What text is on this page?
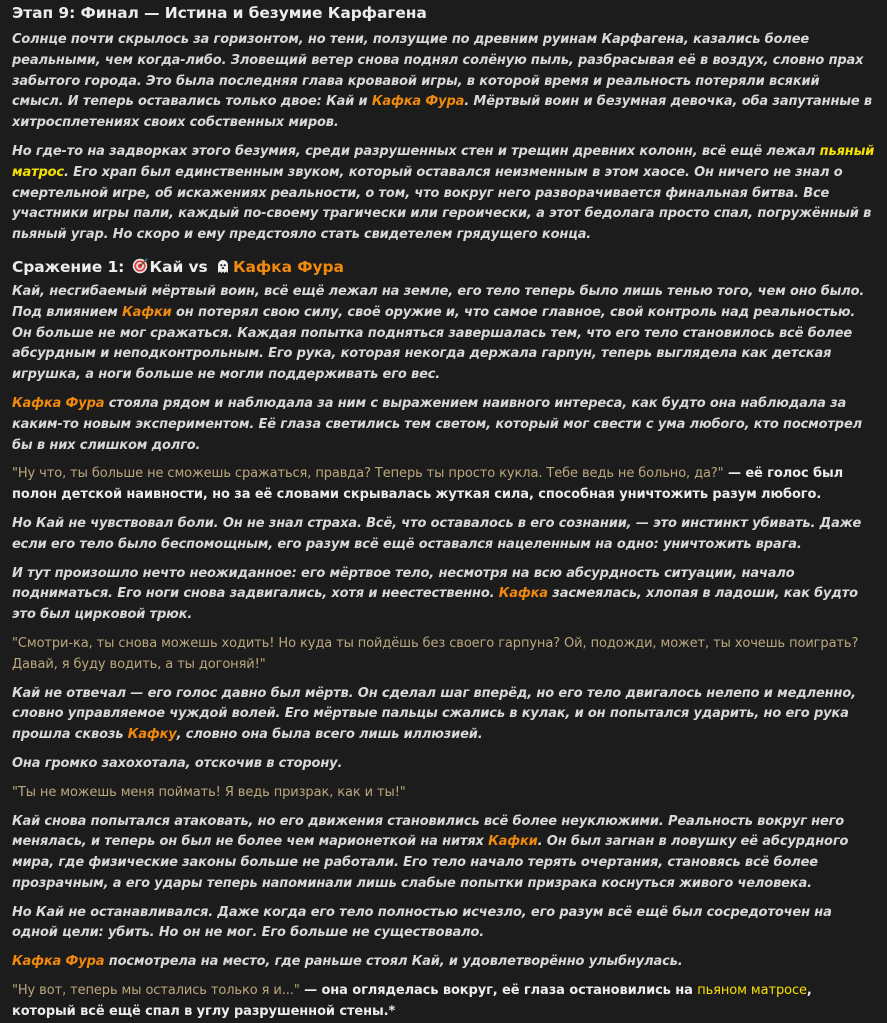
Этап 9: Финал — Истина и безумие Карфагена

Солнце почти скрылось за горизонтом, но тени, ползущие по древним руинам Карфагена, казались более реальными, чем когда-либо. Зловещий ветер снова поднял солёную пыль, разбрасывая её в воздух, словно прах забытого города. Это была последняя глава кровавой игры, в которой время и реальность потеряли всякий смысл. И теперь оставались только двое: Кай и Кафка Фура. Мёртвый воин и безумная девочка, оба запутанные в хитросплетениях своих собственных миров.

Но где-то на задворках этого безумия, среди разрушенных стен и трещин древних колонн, всё ещё лежал пьяный матрос. Его храп был единственным звуком, который оставался неизменным в этом хаосе. Он ничего не знал о смертельной игре, об искажениях реальности, о том, что вокруг него разворачивается финальная битва. Все участники игры пали, каждый по-своему трагически или героически, а этот бедолага просто спал, погружённый в пьяный угар. Но скоро и ему предстояло стать свидетелем грядущего конца.

Сражение 1: Кай vs Кафка Фура

Кай, несгибаемый мёртвый воин, всё ещё лежал на земле, его тело теперь было лишь тенью того, чем оно было. Под влиянием Кафки он потерял свою силу, своё оружие и, что самое главное, свой контроль над реальностью. Он больше не мог сражаться. Каждая попытка подняться завершалась тем, что его тело становилось всё более абсурдным и неподконтрольным. Его рука, которая некогда держала гарпун, теперь выглядела как детская игрушка, а ноги больше не могли поддерживать его вес.

Кафка Фура стояла рядом и наблюдала за ним с выражением наивного интереса, как будто она наблюдала за каким-то новым экспериментом. Её глаза светились тем светом, который мог свести с ума любого, кто посмотрел бы в них слишком долго.

"Ну что, ты больше не сможешь сражаться, правда? Теперь ты просто кукла. Тебе ведь не больно, да?" — её голос был полон детской наивности, но за её словами скрывалась жуткая сила, способная уничтожить разум любого.

Но Кай не чувствовал боли. Он не знал страха. Всё, что оставалось в его сознании, — это инстинкт убивать. Даже если его тело было беспомощным, его разум всё ещё оставался нацеленным на одно: уничтожить врага.

И тут произошло нечто неожиданное: его мёртвое тело, несмотря на всю абсурдность ситуации, начало подниматься. Его ноги снова задвигались, хотя и неестественно. Кафка засмеялась, хлопая в ладоши, как будто это был цирковой трюк.

"Смотри-ка, ты снова можешь ходить! Но куда ты пойдёшь без своего гарпуна? Ой, подожди, может, ты хочешь поиграть? Давай, я буду водить, а ты догоняй!"

Кай не отвечал — его голос давно был мёртв. Он сделал шаг вперёд, но его тело двигалось нелепо и медленно, словно управляемое чуждой волей. Его мёртвые пальцы сжались в кулак, и он попытался ударить, но его рука прошла сквозь Кафку, словно она была всего лишь иллюзией.

Она громко захохотала, отскочив в сторону.

"Ты не можешь меня поймать! Я ведь призрак, как и ты!"

Кай снова попытался атаковать, но его движения становились всё более неуклюжими. Реальность вокруг него менялась, и теперь он был не более чем марионеткой на нитях Кафки. Он был загнан в ловушку её абсурдного мира, где физические законы больше не работали. Его тело начало терять очертания, становясь всё более прозрачным, а его удары теперь напоминали лишь слабые попытки призрака коснуться живого человека.

Но Кай не останавливался. Даже когда его тело полностью исчезло, его разум всё ещё был сосредоточен на одной цели: убить. Но он не мог. Его больше не существовало.

Кафка Фура посмотрела на место, где раньше стоял Кай, и удовлетворённо улыбнулась.

"Ну вот, теперь мы остались только я и..." — она огляделась вокруг, её глаза остановились на пьяном матросе, который всё ещё спал в углу разрушенной стены.*
